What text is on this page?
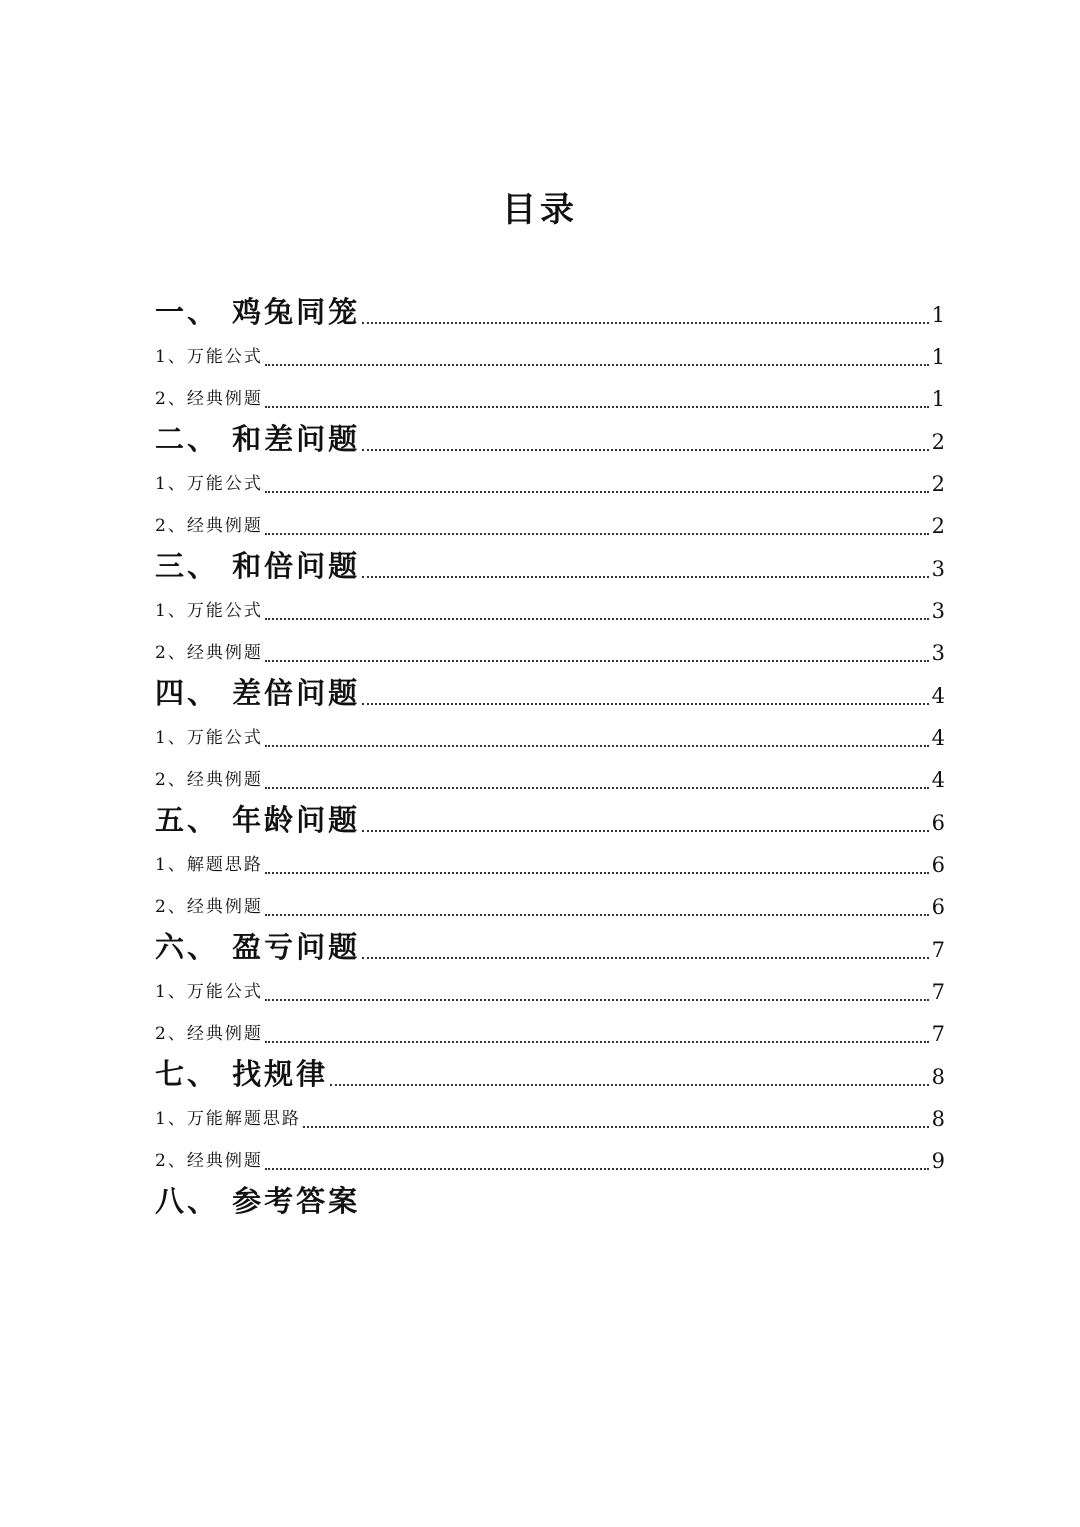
目录
一、 鸡兔同笼	1
1、万能公式	1
2、经典例题	1
二、 和差问题	2
1、万能公式	2
2、经典例题	2
三、 和倍问题	3
1、万能公式	3
2、经典例题	3
四、 差倍问题	4
1、万能公式	4
2、经典例题	4
五、 年龄问题	6
1、解题思路	6
2、经典例题	6
六、 盈亏问题	7
1、万能公式	7
2、经典例题	7
七、 找规律	8
1、万能解题思路	8
2、经典例题	9
八、 参考答案
